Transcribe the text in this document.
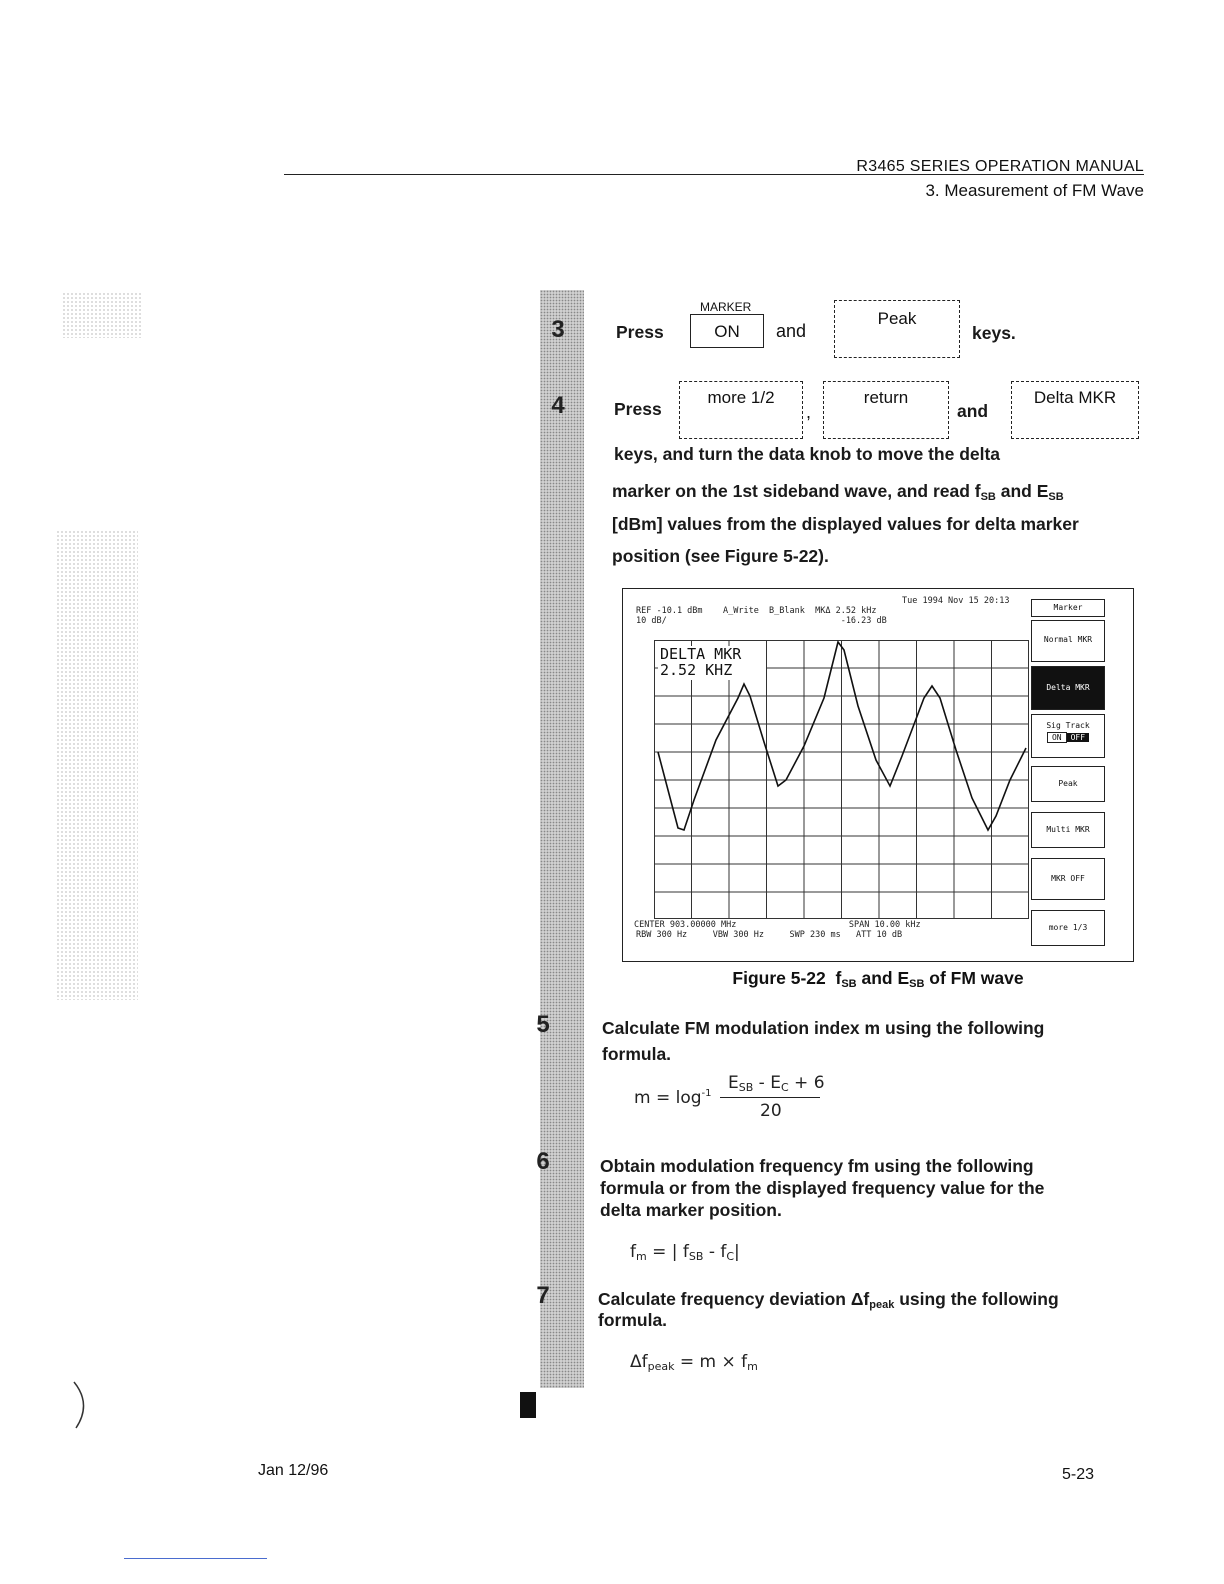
R3465 SERIES OPERATION MANUAL
3. Measurement of FM Wave
3
4
5
6
7
Press
MARKER
ON	and
Peak
keys.
Press
more 1/2
,
return
and
Delta MKR
keys, and turn the data knob to move the delta
marker on the 1st sideband wave, and read $f_{SB}$ and $E_{SB}$
[dBm] values from the displayed values for delta marker
position (see Figure 5-22).
Tue 1994 Nov 15 20:13
REF -10.1 dBm    A_Write  B_Blank  MKΔ 2.52 kHz
10 dB/                                  -16.23 dB
DELTA MKR
2.52 KHZ
CENTER 903.00000 MHz                      SPAN 10.00 kHz
RBW 300 Hz     VBW 300 Hz     SWP 230 ms   ATT 10 dB
Marker
Normal MKR
Delta MKR
Sig Track
ON OFF
Peak
Multi MKR
MKR OFF
more 1/3
Figure 5-22 $f_{SB}$ and $E_{SB}$ of FM wave
Calculate FM modulation index m using the following
formula.
$m = \log^{-1}$
$E_{SB} - E_C + 6$
20
Obtain modulation frequency fm using the following
formula or from the displayed frequency value for the
delta marker position.
$f_m$ = | $f_{SB} - f_C|$
Calculate frequency deviation $\Delta f_{peak}$ using the following
formula.
$\Delta f_{peak} = m \times f_m$
Jan 12/96	5-23
